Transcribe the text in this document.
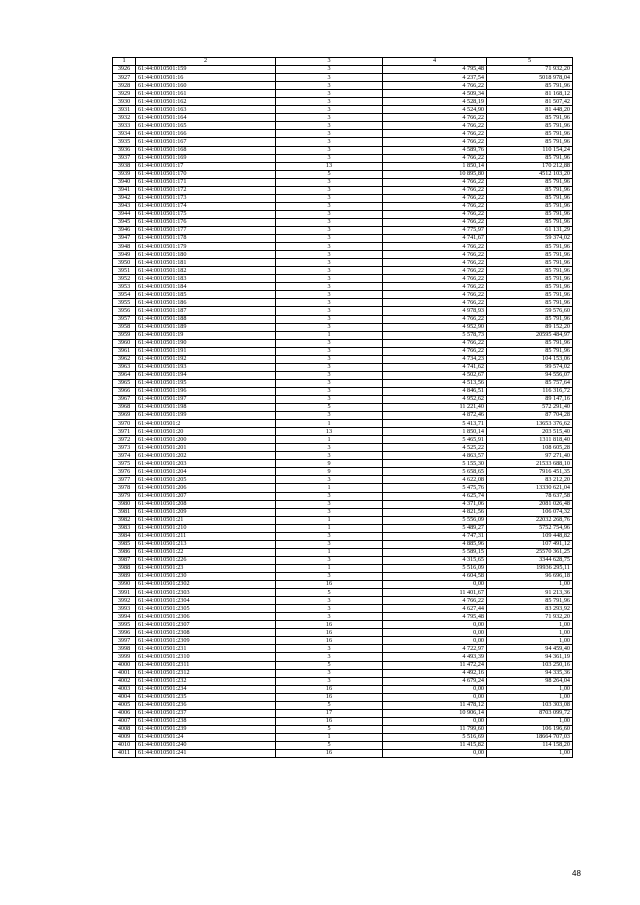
1	2	3	4	5
3926	61:44:0010501:159	3	4 795,48	71 932,20
3927	61:44:0010501:16	3	4 237,54	5018 978,04
3928	61:44:0010501:160	3	4 766,22	85 791,96
3929	61:44:0010501:161	3	4 509,34	81 168,12
3930	61:44:0010501:162	3	4 528,19	81 507,42
3931	61:44:0010501:163	3	4 524,90	81 448,20
3932	61:44:0010501:164	3	4 766,22	85 791,96
3933	61:44:0010501:165	3	4 766,22	85 791,96
3934	61:44:0010501:166	3	4 766,22	85 791,96
3935	61:44:0010501:167	3	4 766,22	85 791,96
3936	61:44:0010501:168	3	4 589,76	110 154,24
3937	61:44:0010501:169	3	4 766,22	85 791,96
3938	61:44:0010501:17	13	1 850,14	170 212,88
3939	61:44:0010501:170	5	10 895,80	4512 103,20
3940	61:44:0010501:171	3	4 766,22	85 791,96
3941	61:44:0010501:172	3	4 766,22	85 791,96
3942	61:44:0010501:173	3	4 766,22	85 791,96
3943	61:44:0010501:174	3	4 766,22	85 791,96
3944	61:44:0010501:175	3	4 766,22	85 791,96
3945	61:44:0010501:176	3	4 766,22	85 791,96
3946	61:44:0010501:177	3	4 775,97	61 131,29
3947	61:44:0010501:178	3	4 741,67	59 374,02
3948	61:44:0010501:179	3	4 766,22	85 791,96
3949	61:44:0010501:180	3	4 766,22	85 791,96
3950	61:44:0010501:181	3	4 766,22	85 791,96
3951	61:44:0010501:182	3	4 766,22	85 791,96
3952	61:44:0010501:183	3	4 766,22	85 791,96
3953	61:44:0010501:184	3	4 766,22	85 791,96
3954	61:44:0010501:185	3	4 766,22	85 791,96
3955	61:44:0010501:186	3	4 766,22	85 791,96
3956	61:44:0010501:187	3	4 978,93	59 576,60
3957	61:44:0010501:188	3	4 766,22	85 791,96
3958	61:44:0010501:189	3	4 952,90	89 152,20
3959	61:44:0010501:19	1	5 578,73	20595 484,97
3960	61:44:0010501:190	3	4 766,22	85 791,96
3961	61:44:0010501:191	3	4 766,22	85 791,96
3962	61:44:0010501:192	3	4 734,23	104 153,06
3963	61:44:0010501:193	3	4 741,62	99 574,02
3964	61:44:0010501:194	3	4 502,67	94 556,07
3965	61:44:0010501:195	3	4 513,56	85 757,64
3966	61:44:0010501:196	3	4 846,51	116 316,72
3967	61:44:0010501:197	3	4 952,62	89 147,16
3968	61:44:0010501:198	5	11 221,40	572 291,40
3969	61:44:0010501:199	3	4 872,46	87 704,28
3970	61:44:0010501:2	1	5 413,71	13653 376,62
3971	61:44:0010501:20	13	1 850,14	203 515,40
3972	61:44:0010501:200	1	5 465,91	1311 818,40
3973	61:44:0010501:201	3	4 525,22	108 605,28
3974	61:44:0010501:202	3	4 863,57	97 271,40
3975	61:44:0010501:203	9	5 155,30	21533 688,10
3976	61:44:0010501:204	9	5 658,65	7916 451,35
3977	61:44:0010501:205	3	4 622,08	83 212,20
3978	61:44:0010501:206	1	5 475,76	13330 621,04
3979	61:44:0010501:207	3	4 625,74	78 637,58
3980	61:44:0010501:208	3	4 371,06	2081 026,48
3981	61:44:0010501:209	3	4 821,56	106 074,32
3982	61:44:0010501:21	1	5 556,09	22032 268,76
3983	61:44:0010501:210	1	5 489,27	5752 754,96
3984	61:44:0010501:211	3	4 747,31	109 448,82
3985	61:44:0010501:213	3	4 885,96	107 491,12
3986	61:44:0010501:22	1	5 589,15	25570 361,25
3987	61:44:0010501:226	3	4 315,65	3344 628,75
3988	61:44:0010501:23	1	5 516,09	19936 295,11
3989	61:44:0010501:230	3	4 604,58	96 696,18
3990	61:44:0010501:2302	16	0,00	1,00
3991	61:44:0010501:2303	5	11 401,67	91 213,36
3992	61:44:0010501:2304	3	4 766,22	85 791,96
3993	61:44:0010501:2305	3	4 627,44	83 293,92
3994	61:44:0010501:2306	3	4 795,48	71 932,20
3995	61:44:0010501:2307	16	0,00	1,00
3996	61:44:0010501:2308	16	0,00	1,00
3997	61:44:0010501:2309	16	0,00	1,00
3998	61:44:0010501:231	3	4 722,97	94 459,40
3999	61:44:0010501:2310	3	4 493,39	94 361,19
4000	61:44:0010501:2311	5	11 472,24	103 250,16
4001	61:44:0010501:2312	3	4 492,16	94 335,36
4002	61:44:0010501:232	3	4 679,24	98 264,04
4003	61:44:0010501:234	16	0,00	1,00
4004	61:44:0010501:235	16	0,00	1,00
4005	61:44:0010501:236	5	11 478,12	103 303,08
4006	61:44:0010501:237	17	10 906,14	8703 099,72
4007	61:44:0010501:238	16	0,00	1,00
4008	61:44:0010501:239	5	11 799,60	106 196,60
4009	61:44:0010501:24	1	5 516,69	18664 707,03
4010	61:44:0010501:240	5	11 415,82	114 158,20
4011	61:44:0010501:241	16	0,00	1,00
48
